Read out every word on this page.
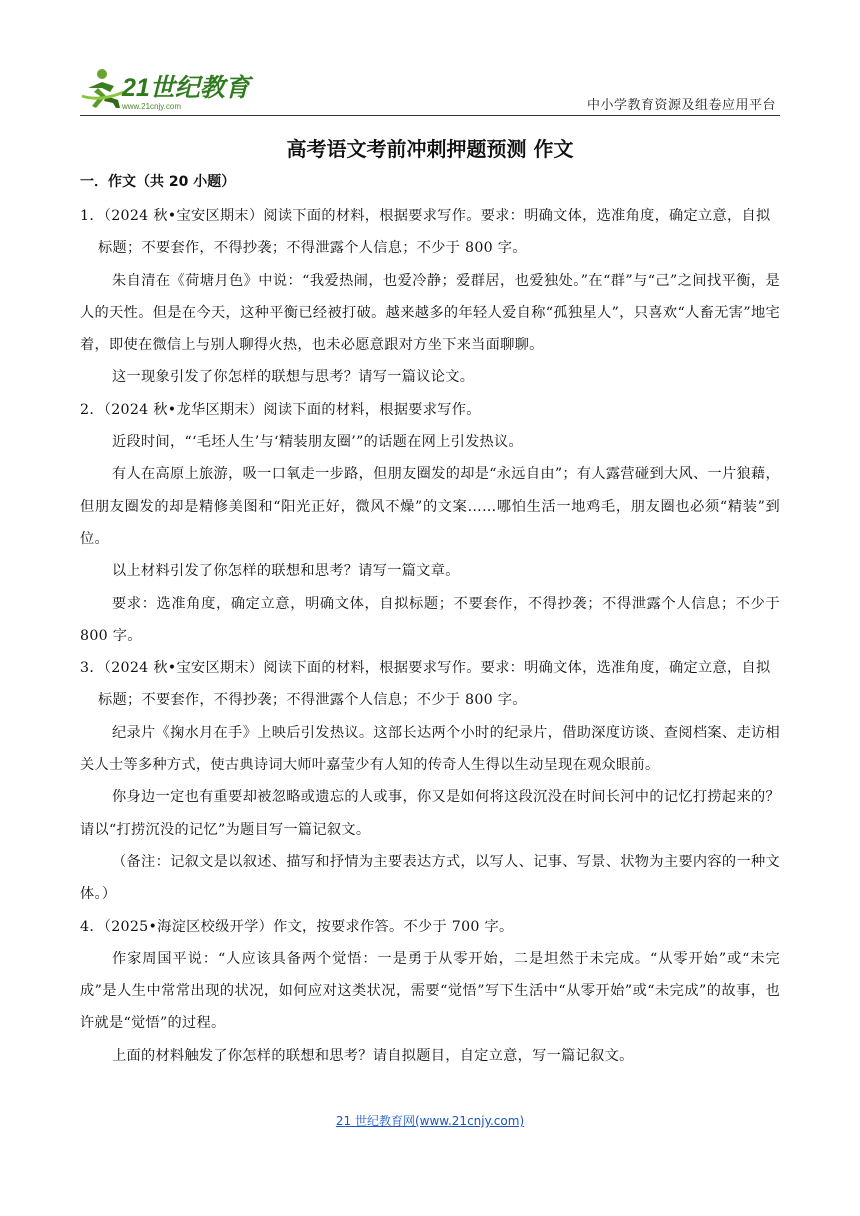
21世纪教育
www.21cnjy.com	中小学教育资源及组卷应用平台
高考语文考前冲刺押题预测 作文
一．作文（共 20 小题）

1．（2024 秋•宝安区期末）阅读下面的材料，根据要求写作。要求：明确文体，选准角度，确定立意，自拟标题；不要套作，不得抄袭；不得泄露个人信息；不少于 800 字。

朱自清在《荷塘月色》中说：“我爱热闹，也爱冷静；爱群居，也爱独处。”在“群”与“己”之间找平衡，是人的天性。但是在今天，这种平衡已经被打破。越来越多的年轻人爱自称“孤独星人”，只喜欢“人畜无害”地宅着，即使在微信上与别人聊得火热，也未必愿意跟对方坐下来当面聊聊。

这一现象引发了你怎样的联想与思考？请写一篇议论文。

2．（2024 秋•龙华区期末）阅读下面的材料，根据要求写作。

近段时间，“‘毛坯人生’与‘精装朋友圈’”的话题在网上引发热议。

有人在高原上旅游，吸一口氧走一步路，但朋友圈发的却是“永远自由”；有人露营碰到大风、一片狼藉，但朋友圈发的却是精修美图和“阳光正好，微风不燥”的文案……哪怕生活一地鸡毛，朋友圈也必须“精装”到位。

以上材料引发了你怎样的联想和思考？请写一篇文章。

要求：选准角度，确定立意，明确文体，自拟标题；不要套作，不得抄袭；不得泄露个人信息；不少于 800 字。

3．（2024 秋•宝安区期末）阅读下面的材料，根据要求写作。要求：明确文体，选准角度，确定立意，自拟标题；不要套作，不得抄袭；不得泄露个人信息；不少于 800 字。

纪录片《掬水月在手》上映后引发热议。这部长达两个小时的纪录片，借助深度访谈、查阅档案、走访相关人士等多种方式，使古典诗词大师叶嘉莹少有人知的传奇人生得以生动呈现在观众眼前。

你身边一定也有重要却被忽略或遗忘的人或事，你又是如何将这段沉没在时间长河中的记忆打捞起来的？请以“打捞沉没的记忆”为题目写一篇记叙文。

（备注：记叙文是以叙述、描写和抒情为主要表达方式，以写人、记事、写景、状物为主要内容的一种文体。）

4．（2025•海淀区校级开学）作文，按要求作答。不少于 700 字。

作家周国平说：“人应该具备两个觉悟：一是勇于从零开始，二是坦然于未完成。“从零开始”或“未完成”是人生中常常出现的状况，如何应对这类状况，需要“觉悟”写下生活中“从零开始”或“未完成”的故事，也许就是“觉悟”的过程。

上面的材料触发了你怎样的联想和思考？请自拟题目，自定立意，写一篇记叙文。

21 世纪教育网(www.21cnjy.com)
